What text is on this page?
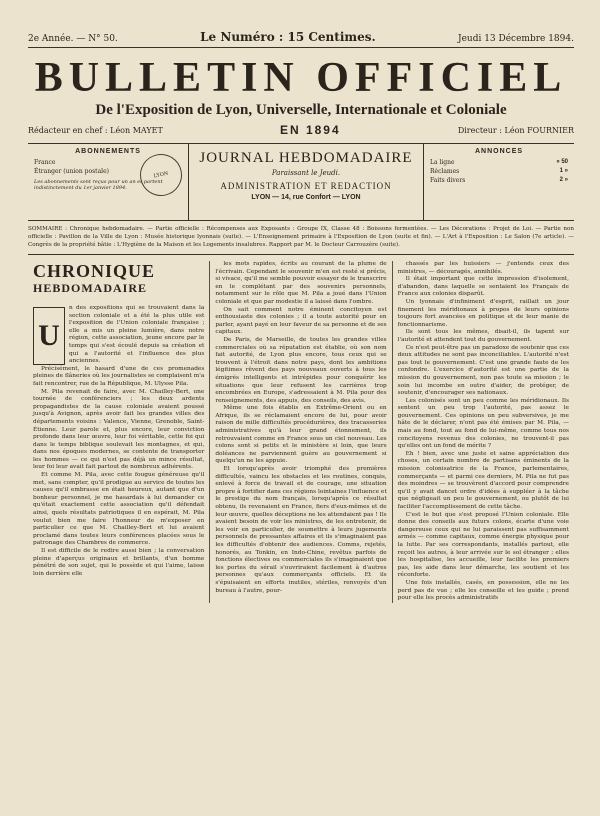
2e Année. — N° 50.	Le Numéro : 15 Centimes.	Jeudi 13 Décembre 1894.
BULLETIN OFFICIEL
De l'Exposition de Lyon, Universelle, Internationale et Coloniale
Rédacteur en chef : Léon MAYET	EN 1894	Directeur : Léon FOURNIER
ABONNEMENTS
France
Étranger (union postale)
Les abonnements sont reçus pour un an et partent indistinctement du 1er janvier 1894.
LYON
JOURNAL HEBDOMADAIRE
Paraissant le Jeudi.
ADMINISTRATION ET REDACTION
LYON — 14, rue Confort — LYON
ANNONCES
La ligne	» 50
Réclames	1 »
Faits divers	2 »
SOMMAIRE : Chronique hebdomadaire. — Partie officielle : Récompenses aux Exposants : Groupe IX, Classe 48 : Boissons fermentées. — Les Décorations : Projet de Loi. — Partie non officielle : Pavillon de la Ville de Lyon : Musée historique lyonnais (suite). — L'Enseignement primaire à l'Exposition de Lyon (suite et fin). — L'Art à l'Exposition : Le Salon (7e article). — Congrès de la propriété bâtie : L'Hygiène de la Maison et les Logements insalubres. Rapport par M. le Docteur Carrouzère (suite).
CHRONIQUE
HEBDOMADAIRE
U

n des expositions qui se trouvaient dans la section coloniale et a été la plus utile est l'exposition de l'Union coloniale française ; elle a mis un pleine lumière, dans notre région, cette association, jeune encore par le temps qui s'est écoulé depuis sa création et qui a l'autorité et l'influence des plus anciennes.

Précisément, le hasard d'une de ces promenades pleines de flâneries où les journalistes se complaisent m'a fait rencontrer, rue de la République, M. Ulysse Pila.

M. Pila revenait de faire, avec M. Chailley-Bert, une tournée de conférenciers ; les deux ardents propagandistes de la cause coloniale avaient poussé jusqu'à Avignon, après avoir fait les grandes villes des départements voisins : Valence, Vienne, Grenoble, Saint-Étienne. Leur parole et, plus encore, leur conviction profonde dans leur œuvre, leur foi véritable, cette foi qui dans le temps biblique soulevait les montagnes, et qui, dans nos époques modernes, se contente de transporter les hommes — ce qui n'est pas déjà un mince résultat, leur foi leur avait fait partout de nombreux adhérents.

Et comme M. Pila, avec cette fougue généreuse qu'il met, sans compter, qu'il prodigue au service de toutes les causes qu'il embrasse en était heureux, autant que d'un bonheur personnel, je me hasardais à lui demander ce qu'était exactement cette association qu'il défendait ainsi, quels résultats patriotiques il en espérait, M. Pila voulut bien me faire l'honneur de m'exposer en particulier ce que M. Chailley-Bert et lui avaient proclamé dans toutes leurs conférences placées sous le patronage des Chambres de commerce.

Il est difficile de le redire aussi bien ; la conversation pleine d'aperçus originaux et brillants, d'un homme pénétré de son sujet, qui le possède et qui l'aime, laisse loin derrière elle

les mots rapides, écrits au courant de la plume de l'écrivain. Cependant le souvenir m'en est resté si précis, si vivace, qu'il me semble pouvoir essayer de le transcrire en le complétant par des souvenirs personnels, notamment sur le rôle que M. Pila a joué dans l'Union coloniale et que par modestie il a laissé dans l'ombre.

On sait comment notre éminent concitoyen est enthousiaste des colonies ; il a toute autorité pour en parler, ayant payé en leur faveur de sa personne et de ses capitaux.

De Paris, de Marseille, de toutes les grandes villes commerciales où sa réputation est établie, où son nom fait autorité, de Lyon plus encore, tous ceux qui se trouvent à l'étroit dans notre pays, dont les ambitions légitimes rêvent des pays nouveaux ouverts à tous les émigrés intelligents et intrépides pour conquérir les situations que leur refusent les carrières trop encombrées en Europe, s'adressaient à M. Pila pour des renseignements, des appuis, des conseils, des avis.

Même une fois établis en Extrême-Orient ou en Afrique, ils se réclamaient encore de lui, pour avoir raison de mille difficultés procédurières, des tracasseries administratives qu'à leur grand étonnement, ils retrouvaient comme en France sous un ciel nouveau. Les colons sont si petits et le ministère si loin, que leurs doléances ne parviennent guère au gouvernement si quelqu'un ne les appuie.

Et lorsqu'après avoir triomphé des premières difficultés, vaincu les obstacles et les routines, conquis, enlevé à force de travail et de courage, une situation propre à fortifier dans ces régions lointaines l'influence et le prestige du nom français, lorsqu'après ce résultat obtenu, ils revenaient en France, fiers d'eux-mêmes et de leur œuvre, quelles déceptions ne les attendaient pas ! Ils avaient besoin de voir les ministres, de les entretenir, de les voir en particulier, de soumettre à leurs jugements personnels de pressantes affaires et ils s'imaginaient pas les difficultés d'obtenir des audiences. Comms, rejetés, honorés, au Tonkin, en Indo-Chine, revêtus parfois de fonctions électives ou commerciales ils s'imaginaient que les portes du sérail s'ouvriraient facilement à d'autres personnes qu'aux commerçants officiels. Et ils s'épuisaient en efforts inutiles, stériles, renvoyés d'un bureau à l'autre, pour-

chassés par les huissiers — j'entends ceux des ministres, — découragés, annihilés.

Il était important que cette impression d'isolement, d'abandon, dans laquelle se sentaient les Français de France aux colonies disparût.

Un lyonnais d'infiniment d'esprit, raillait un jour finement les méridionaux à propos de leurs opinions toujours fort avancées en politique et de leur manie de fonctionnarisme.

Ils sont tous les mêmes, disait-il, ils tapent sur l'autorité et attendent tout du gouvernement.

Ce n'est peut-être pas un paradoxe de soutenir que ces deux attitudes ne sont pas inconciliables. L'autorité n'est pas tout le gouvernement. C'est une grande faute de les confondre. L'exercice d'autorité est une partie de la mission du gouvernement, non pas toute sa mission ; le soin lui incombe en outre d'aider, de protéger, de soutenir, d'encourager ses nationaux.

Les colonisés sont un peu comme les méridionaux. Ils sentent un peu trop l'autorité, pas assez le gouvernement. Ces opinions un peu subversives, je me hâte de le déclarer, n'ont pas été émises par M. Pila, — mais au fond, tout au fond de lui-même, comme tous nos concitoyens revenus des colonies, ne trouvent-il pas qu'elles ont un fond de mérite ?

Eh ! bien, avec une juste et saine appréciation des choses, un certain nombre de partisans éminents de la mission colonisatrice de la France, parlementaires, commerçants — et parmi ces derniers, M. Pila ne fut pas des moindres — se trouvèrent d'accord pour comprendre qu'il y avait dancet ordre d'idées à suppléer à la tâche que négligeait un peu le gouvernement, ou plutôt de lui faciliter l'accomplissement de cette tâche.

C'est le but que s'est proposé l'Union coloniale. Elle donne des conseils aux futurs colons, écarte d'une voie dangereuse ceux qui ne lui paraissent pas suffisamment armés — comme capitaux, comme énergie physique pour la lutte. Par ses correspondants, installés partout, elle reçoit les autres, à leur arrivée sur le sol étranger ; elles les hospitalise, les accueille, leur facilite les premiers pas, les aide dans leur démarche, les soutient et les réconforte.

Une fois installés, casés, en possession, elle ne les perd pas de vue ; elle les conseille et les guide ; prend pour elle les procès administratifs
